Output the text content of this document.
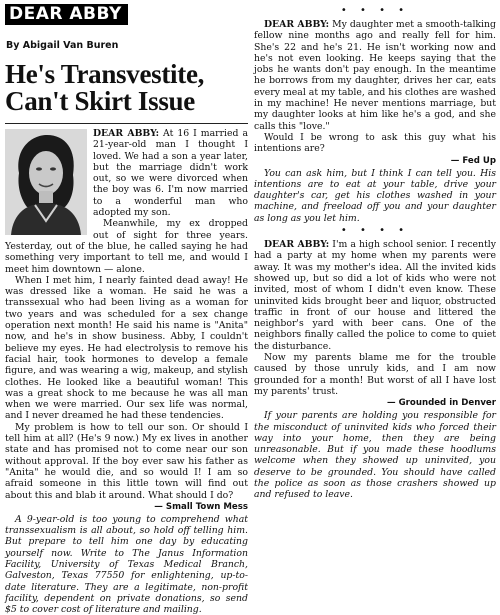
DEAR ABBY
By Abigail Van Buren
He's Transvestite,
Can't Skirt Issue

DEAR ABBY: At 16 I married a 21-year-old man I thought I loved. We had a son a year later, but the marriage didn't work out, so we were divorced when the boy was 6. I'm now married to a wonderful man who adopted my son.

Meanwhile, my ex dropped out of sight for three years. Yesterday, out of the blue, he called saying he had something very important to tell me, and would I meet him downtown — alone.

When I met him, I nearly fainted dead away! He was dressed like a woman. He said he was a transsexual who had been living as a woman for two years and was scheduled for a sex change operation next month! He said his name is "Anita" now, and he's in show business. Abby, I couldn't believe my eyes. He had electrolysis to remove his facial hair, took hormones to develop a female figure, and was wearing a wig, makeup, and stylish clothes. He looked like a beautiful woman! This was a great shock to me because he was all man when we were married. Our sex life was normal, and I never dreamed he had these tendencies.

My problem is how to tell our son. Or should I tell him at all? (He's 9 now.) My ex lives in another state and has promised not to come near our son without approval. If the boy ever saw his father as "Anita" he would die, and so would I! I am so afraid someone in this little town will find out about this and blab it around. What should I do?

— Small Town Mess
A 9-year-old is too young to comprehend what transsexualism is all about, so hold off telling him. But prepare to tell him one day by educating yourself now. Write to The Janus Information Facility, University of Texas Medical Branch, Galveston, Texas 77550 for enlightening, up-to-date literature. They are a legitimate, non-profit facility, dependent on private donations, so send $5 to cover cost of literature and mailing.
• • • •

DEAR ABBY: My daughter met a smooth-talking fellow nine months ago and really fell for him. She's 22 and he's 21. He isn't working now and he's not even looking. He keeps saying that the jobs he wants don't pay enough. In the meantime he borrows from my daughter, drives her car, eats every meal at my table, and his clothes are washed in my machine! He never mentions marriage, but my daughter looks at him like he's a god, and she calls this "love."

Would I be wrong to ask this guy what his intentions are?

— Fed Up
You can ask him, but I think I can tell you. His intentions are to eat at your table, drive your daughter's car, get his clothes washed in your machine, and freeload off you and your daughter as long as you let him.
• • • •

DEAR ABBY: I'm a high school senior. I recently had a party at my home when my parents were away. It was my mother's idea. All the invited kids showed up, but so did a lot of kids who were not invited, most of whom I didn't even know. These uninvited kids brought beer and liquor, obstructed traffic in front of our house and littered the neighbor's yard with beer cans. One of the neighbors finally called the police to come to quiet the disturbance.

Now my parents blame me for the trouble caused by those unruly kids, and I am now grounded for a month! But worst of all I have lost my parents' trust.

— Grounded in Denver
If your parents are holding you responsible for the misconduct of uninvited kids who forced their way into your home, then they are being unreasonable. But if you made these hoodlums welcome when they showed up uninvited, you deserve to be grounded. You should have called the police as soon as those crashers showed up and refused to leave.
